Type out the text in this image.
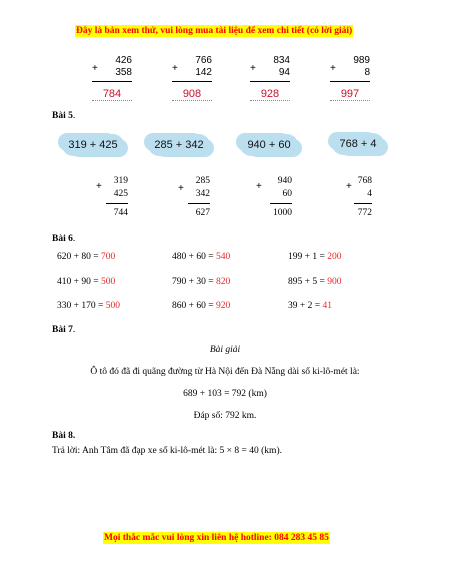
Đây là bản xem thử, vui lòng mua tài liệu để xem chi tiết (có lời giải)
+
426
358
784
+
766
142
908
+
834
94
928
+
989
8
997
Bài 5.
319 + 425	285 + 342	940 + 60	768 + 4
+	319
425
744
+
285
342
627
+	940
60
1000
+ 768
4
772
Bài 6.
620 + 80 = 700	480 + 60 = 540	199 + 1 = 200
410 + 90 = 500	790 + 30 = 820	895 + 5 = 900
330 + 170 = 500	860 + 60 = 920	39 + 2 = 41
Bài 7.
Bài giải
Ô tô đó đã đi quãng đường từ Hà Nội đến Đà Nẵng dài số ki-lô-mét là:
689 + 103 = 792 (km)
Đáp số: 792 km.
Bài 8.
Trả lời: Anh Tâm đã đạp xe số ki-lô-mét là: 5 × 8 = 40 (km).
Mọi thắc mắc vui lòng xin liên hệ hotline: 084 283 45 85
